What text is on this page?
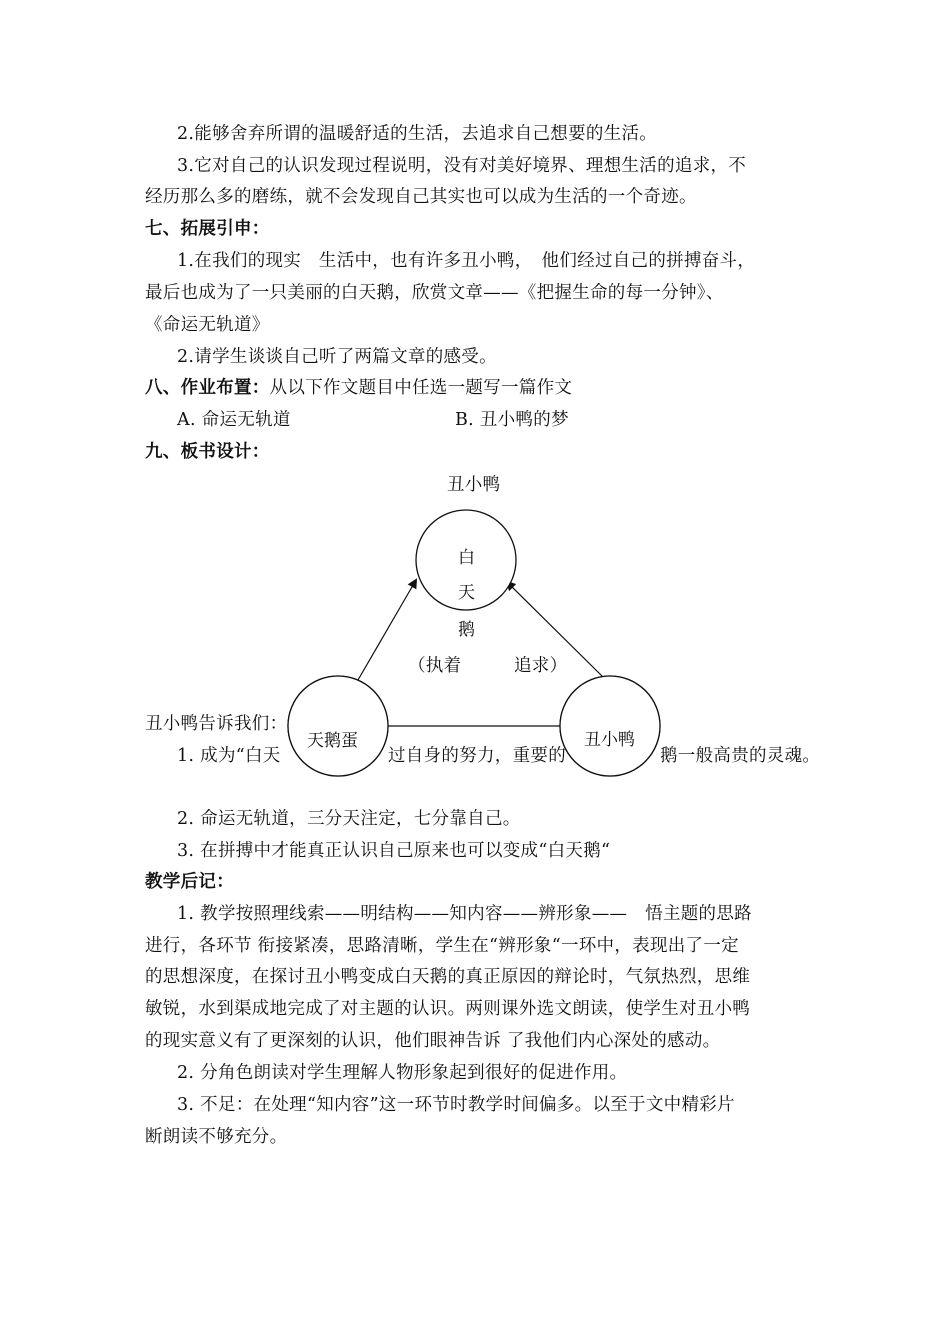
2.能够舍弃所谓的温暖舒适的生活，去追求自己想要的生活。
3.它对自己的认识发现过程说明，没有对美好境界、理想生活的追求，不
经历那么多的磨练，就不会发现自己其实也可以成为生活的一个奇迹。
七、拓展引申：
1.在我们的现实　生活中，也有许多丑小鸭，　他们经过自己的拼搏奋斗，
最后也成为了一只美丽的白天鹅，欣赏文章——《把握生命的每一分钟》、
《命运无轨道》
2.请学生谈谈自己听了两篇文章的感受。
八、作业布置：从以下作文题目中任选一题写一篇作文
A. 命运无轨道	B. 丑小鸭的梦
九、板书设计：
丑小鸭
白
天
鹅
（执着	追求）
丑小鸭告诉我们：
1. 成为“白天	过自身的努力，重要的	鹅一般高贵的灵魂。
天鹅蛋	丑小鸭
2. 命运无轨道，三分天注定，七分靠自己。
3. 在拼搏中才能真正认识自己原来也可以变成“白天鹅“
教学后记：
1. 教学按照理线索——明结构——知内容——辨形象——　悟主题的思路
进行，各环节 衔接紧凑，思路清晰，学生在“辨形象“一环中，表现出了一定
的思想深度，在探讨丑小鸭变成白天鹅的真正原因的辩论时，气氛热烈，思维
敏锐，水到渠成地完成了对主题的认识。两则课外选文朗读，使学生对丑小鸭
的现实意义有了更深刻的认识，他们眼神告诉 了我他们内心深处的感动。
2. 分角色朗读对学生理解人物形象起到很好的促进作用。
3. 不足：在处理“知内容”这一环节时教学时间偏多。以至于文中精彩片
断朗读不够充分。
